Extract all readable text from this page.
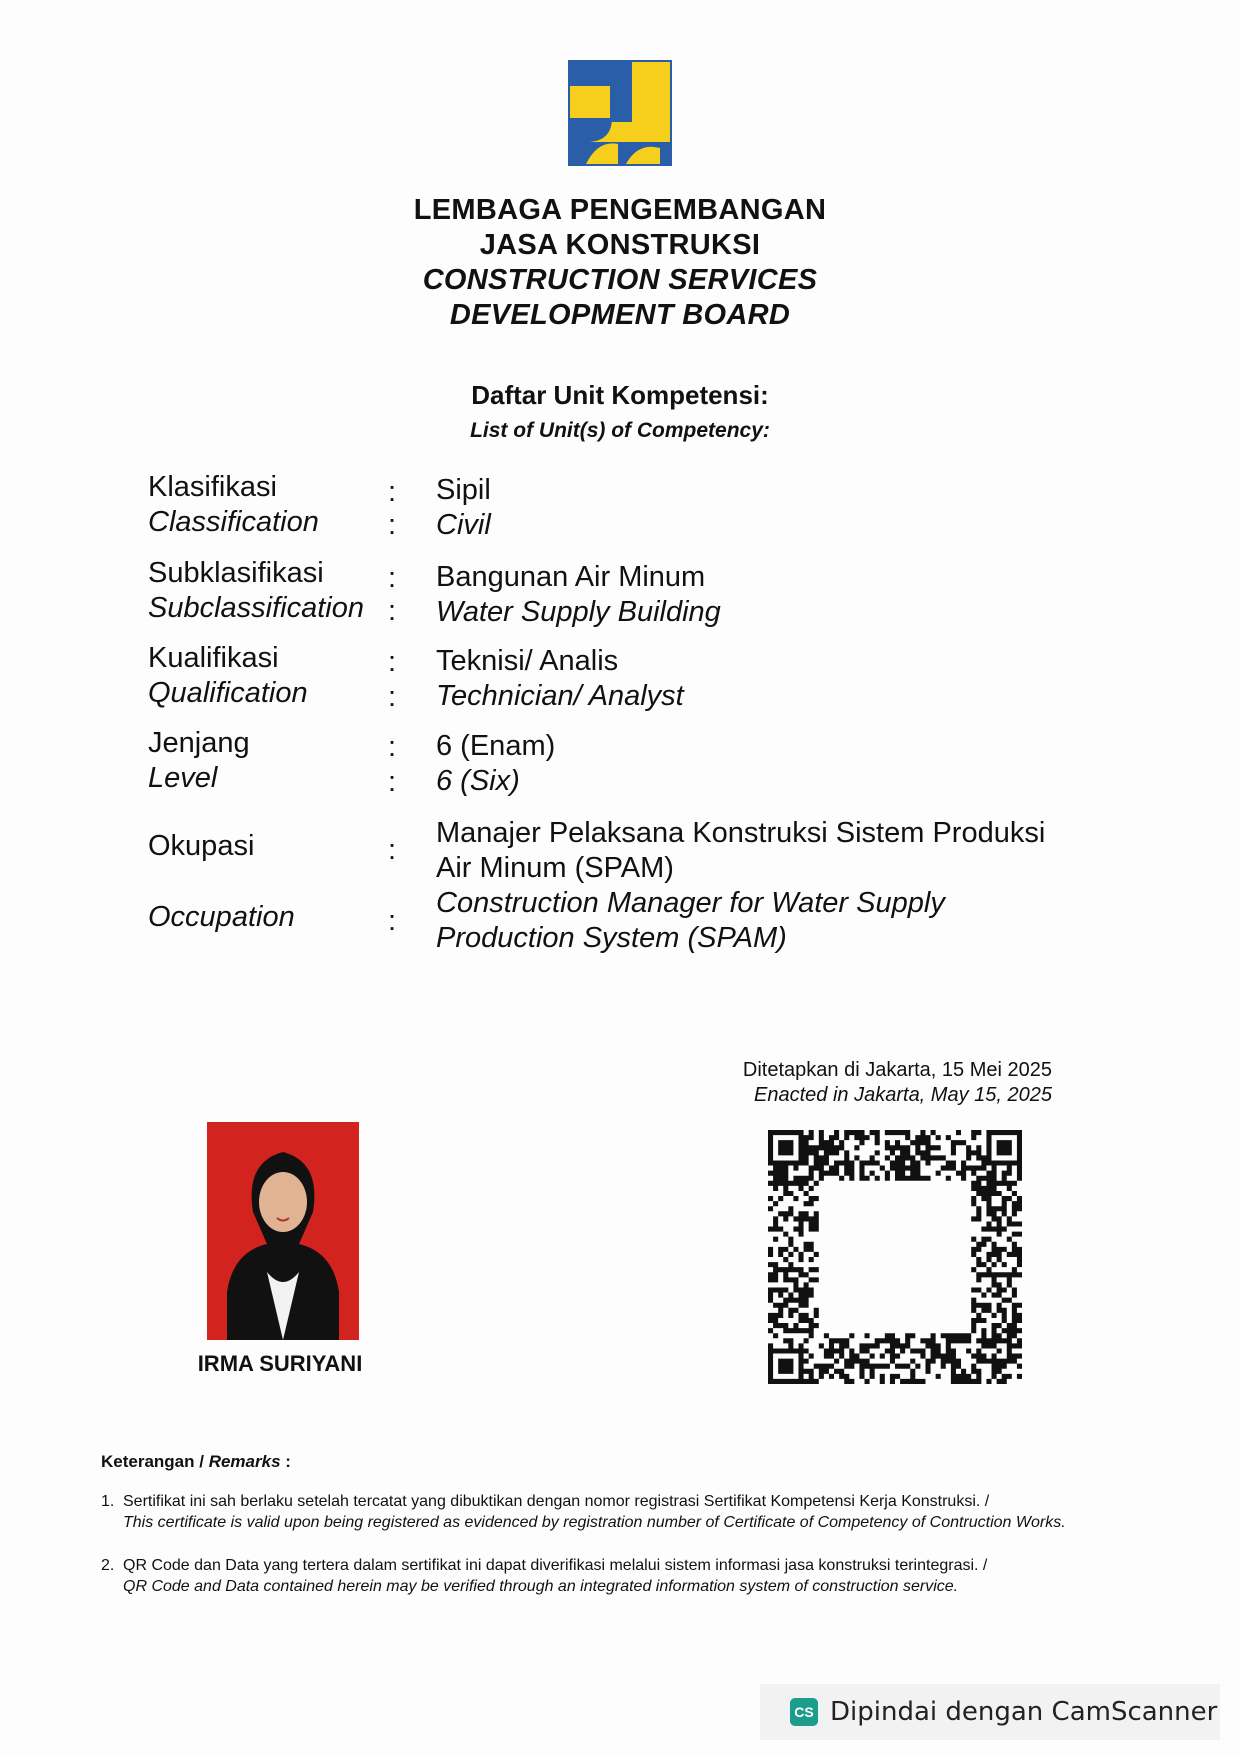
LEMBAGA PENGEMBANGAN
JASA KONSTRUKSI
CONSTRUCTION SERVICES
DEVELOPMENT BOARD
Daftar Unit Kompetensi:
List of Unit(s) of Competency:
Klasifikasi
Classification
:
:
Sipil
Civil
Subklasifikasi
Subclassification
:
:
Bangunan Air Minum
Water Supply Building
Kualifikasi
Qualification
:
:
Teknisi/ Analis
Technician/ Analyst
Jenjang
Level
:
:
6 (Enam)
6 (Six)
Okupasi
Occupation
:
:
Manajer Pelaksana Konstruksi Sistem Produksi
Air Minum (SPAM)
Construction Manager for Water Supply
Production System (SPAM)
Ditetapkan di Jakarta, 15 Mei 2025
Enacted in Jakarta, May 15, 2025
IRMA SURIYANI
Keterangan / Remarks :
1. Sertifikat ini sah berlaku setelah tercatat yang dibuktikan dengan nomor registrasi Sertifikat Kompetensi Kerja Konstruksi. /
This certificate is valid upon being registered as evidenced by registration number of Certificate of Competency of Contruction Works.
2. QR Code dan Data yang tertera dalam sertifikat ini dapat diverifikasi melalui sistem informasi jasa konstruksi terintegrasi. /
QR Code and Data contained herein may be verified through an integrated information system of construction service.
CS Dipindai dengan CamScanner
